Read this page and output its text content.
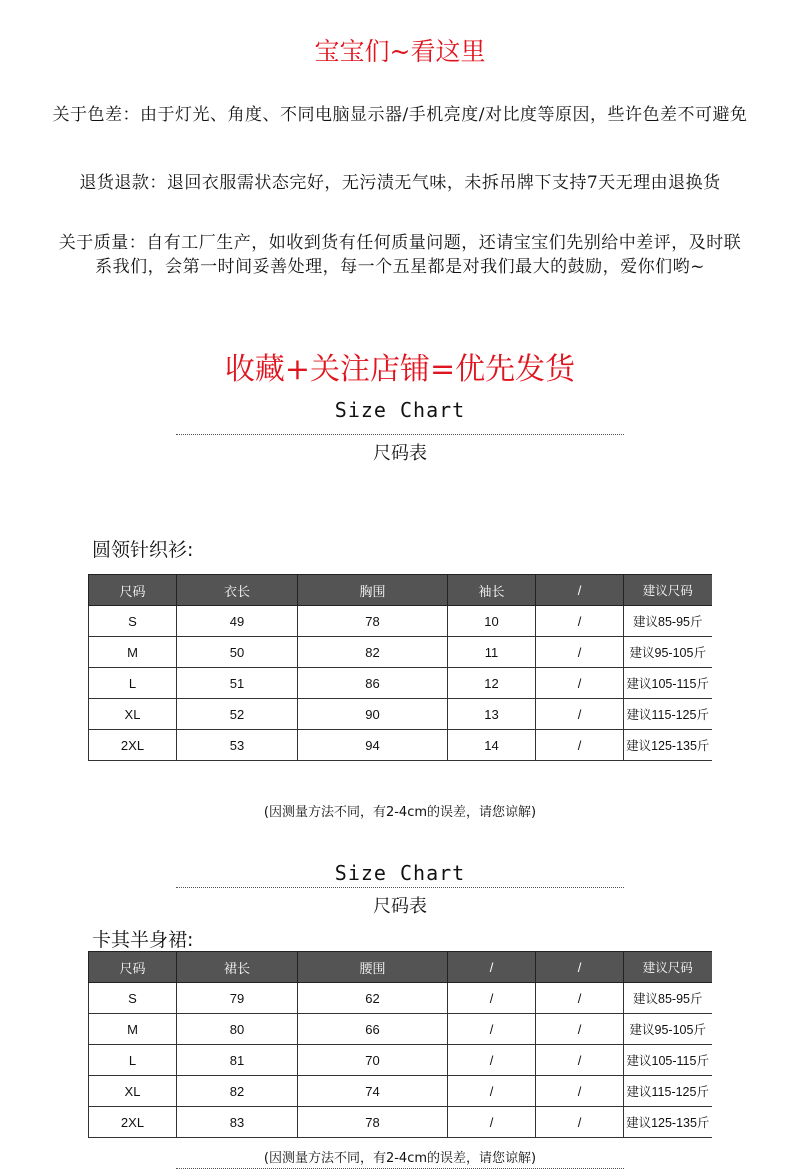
宝宝们~看这里
关于色差：由于灯光、角度、不同电脑显示器/手机亮度/对比度等原因，些许色差不可避免
退货退款：退回衣服需状态完好，无污渍无气味，未拆吊牌下支持7天无理由退换货
关于质量：自有工厂生产，如收到货有任何质量问题，还请宝宝们先别给中差评，及时联
系我们，会第一时间妥善处理，每一个五星都是对我们最大的鼓励，爱你们哟~
收藏+关注店铺=优先发货
Size Chart
尺码表
圆领针织衫:
尺码	衣长	胸围	袖长	/	建议尺码
S	49	78	10	/	建议85-95斤
M	50	82	11	/	建议95-105斤
L	51	86	12	/	建议105-115斤
XL	52	90	13	/	建议115-125斤
2XL	53	94	14	/	建议125-135斤
(因测量方法不同，有2-4cm的误差，请您谅解)
Size Chart
尺码表
卡其半身裙:
尺码	裙长	腰围	/	/	建议尺码
S	79	62	/	/	建议85-95斤
M	80	66	/	/	建议95-105斤
L	81	70	/	/	建议105-115斤
XL	82	74	/	/	建议115-125斤
2XL	83	78	/	/	建议125-135斤
(因测量方法不同，有2-4cm的误差，请您谅解)
